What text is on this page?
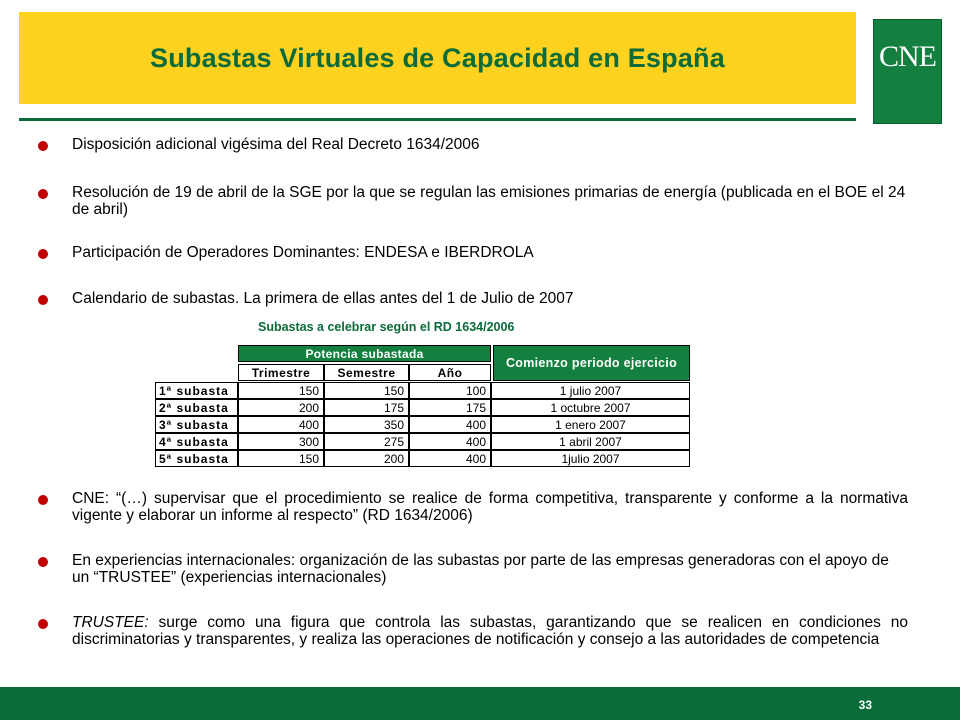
Subastas Virtuales de Capacidad en España	CNE
Disposición adicional vigésima del Real Decreto 1634/2006
Resolución de 19 de abril de la SGE por la que se regulan las emisiones primarias de energía (publicada en el BOE el 24 de abril)
Participación de Operadores Dominantes: ENDESA e IBERDROLA
Calendario de subastas. La primera de ellas antes del 1 de Julio de 2007
Subastas a celebrar según el RD 1634/2006
Potencia subastada
Comienzo periodo ejercicio
Trimestre	Semestre	Año
1ª subasta	150	150	100	1 julio 2007
2ª subasta	200	175	175	1 octubre 2007
3ª subasta	400	350	400	1 enero 2007
4ª subasta	300	275	400	1 abril 2007
5ª subasta	150	200	400	1julio 2007
CNE: “(…) supervisar que el procedimiento se realice de forma competitiva, transparente y conforme a la normativa vigente y elaborar un informe al respecto” (RD 1634/2006)
En experiencias internacionales: organización de las subastas por parte de las empresas generadoras con el apoyo de un “TRUSTEE” (experiencias internacionales)
TRUSTEE: surge como una figura que controla las subastas, garantizando que se realicen en condiciones no discriminatorias y transparentes, y realiza las operaciones de notificación y consejo a las autoridades de competencia
33
